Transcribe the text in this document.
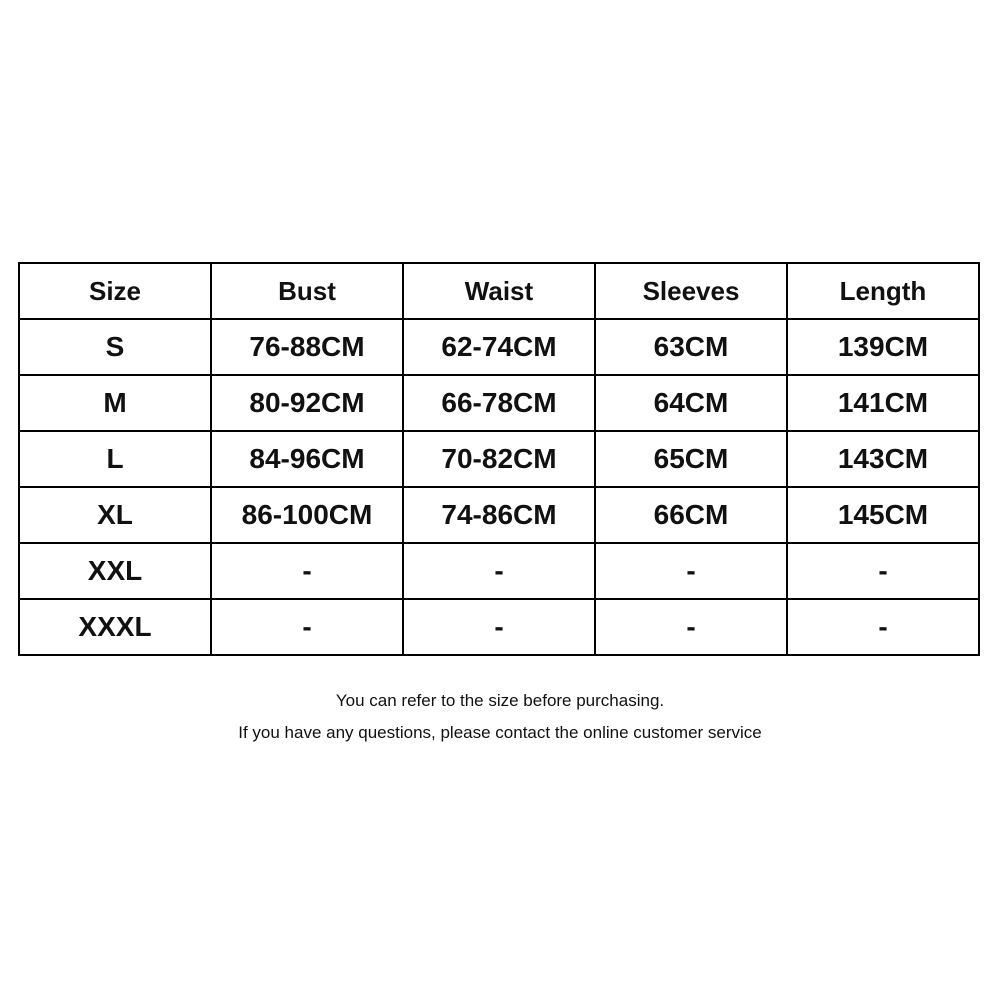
Size	Bust	Waist	Sleeves	Length
S	76-88CM	62-74CM	63CM	139CM
M	80-92CM	66-78CM	64CM	141CM
L	84-96CM	70-82CM	65CM	143CM
XL	86-100CM	74-86CM	66CM	145CM
XXL	-	-	-	-
XXXL	-	-	-	-
You can refer to the size before purchasing.
If you have any questions, please contact the online customer service
